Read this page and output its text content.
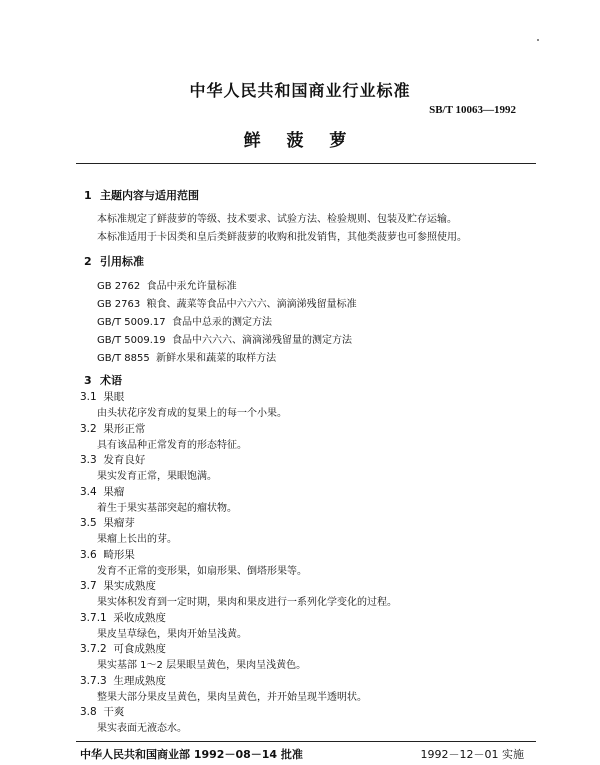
中华人民共和国商业行业标准
SB/T 10063—1992
鲜 菠 萝
1 主题内容与适用范围
本标准规定了鲜菠萝的等级、技术要求、试验方法、检验规则、包装及贮存运输。
本标准适用于卡因类和皇后类鲜菠萝的收购和批发销售，其他类菠萝也可参照使用。
2 引用标准
GB 2762 食品中汞允许量标准
GB 2763 粮食、蔬菜等食品中六六六、滴滴涕残留量标准
GB/T 5009.17 食品中总汞的测定方法
GB/T 5009.19 食品中六六六、滴滴涕残留量的测定方法
GB/T 8855 新鲜水果和蔬菜的取样方法
3 术语
中华人民共和国商业部 1992－08－14 批准	1992－12－01 实施
3.1 果眼
由头状花序发育成的复果上的每一个小果。
3.2 果形正常
具有该品种正常发育的形态特征。
3.3 发育良好
果实发育正常，果眼饱满。
3.4 果瘤
着生于果实基部突起的瘤状物。
3.5 果瘤芽
果瘤上长出的芽。
3.6 畸形果
发育不正常的变形果，如扇形果、倒塔形果等。
3.7 果实成熟度
果实体积发育到一定时期，果肉和果皮进行一系列化学变化的过程。
3.7.1 采收成熟度
果皮呈草绿色，果肉开始呈浅黄。
3.7.2 可食成熟度
果实基部 1～2 层果眼呈黄色，果肉呈浅黄色。
3.7.3 生理成熟度
整果大部分果皮呈黄色，果肉呈黄色，并开始呈现半透明状。
3.8 干爽
果实表面无液态水。
